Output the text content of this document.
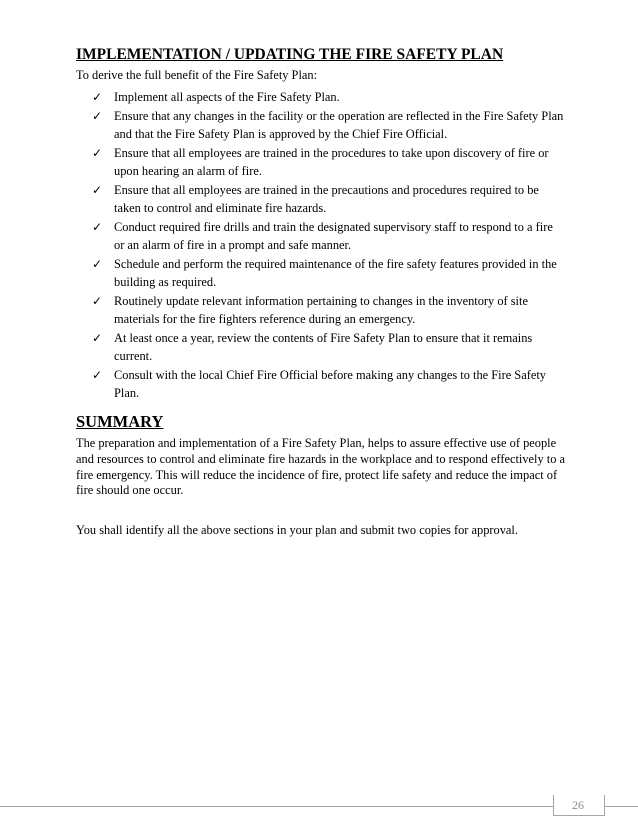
IMPLEMENTATION / UPDATING THE FIRE SAFETY PLAN

To derive the full benefit of the Fire Safety Plan:

✓ Implement all aspects of the Fire Safety Plan.
✓ Ensure that any changes in the facility or the operation are reflected in the Fire Safety Plan and that the Fire Safety Plan is approved by the Chief Fire Official.
✓ Ensure that all employees are trained in the procedures to take upon discovery of fire or upon hearing an alarm of fire.
✓ Ensure that all employees are trained in the precautions and procedures required to be taken to control and eliminate fire hazards.
✓ Conduct required fire drills and train the designated supervisory staff to respond to a fire or an alarm of fire in a prompt and safe manner.
✓ Schedule and perform the required maintenance of the fire safety features provided in the building as required.
✓ Routinely update relevant information pertaining to changes in the inventory of site materials for the fire fighters reference during an emergency.
✓ At least once a year, review the contents of Fire Safety Plan to ensure that it remains current.
✓ Consult with the local Chief Fire Official before making any changes to the Fire Safety Plan.
SUMMARY

The preparation and implementation of a Fire Safety Plan, helps to assure effective use of people and resources to control and eliminate fire hazards in the workplace and to respond effectively to a fire emergency. This will reduce the incidence of fire, protect life safety and reduce the impact of fire should one occur.

You shall identify all the above sections in your plan and submit two copies for approval.

26
